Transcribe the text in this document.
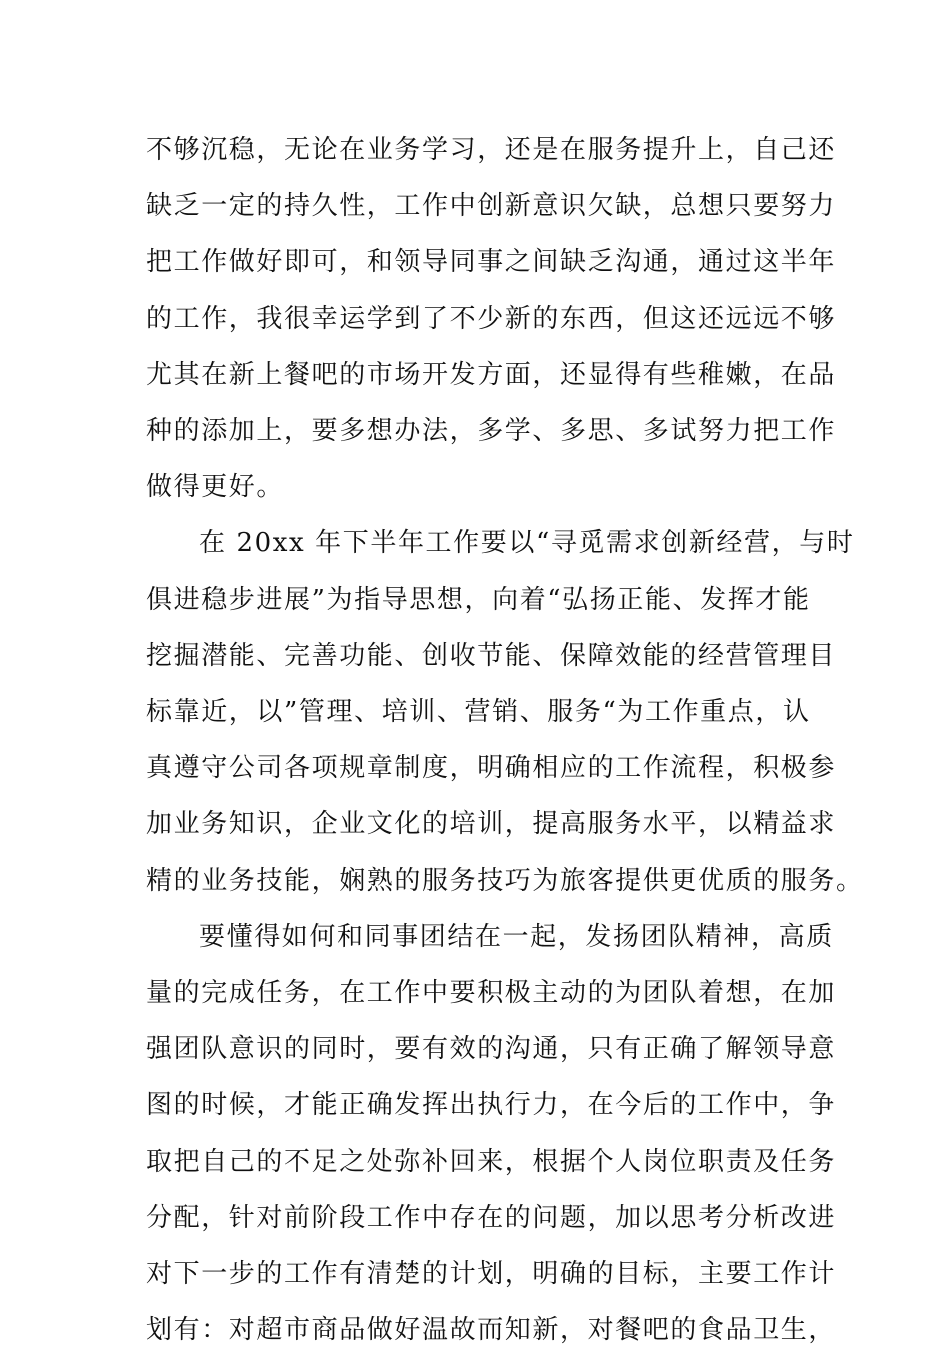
不够沉稳，无论在业务学习，还是在服务提升上，自己还
缺乏一定的持久性，工作中创新意识欠缺，总想只要努力
把工作做好即可，和领导同事之间缺乏沟通，通过这半年
的工作，我很幸运学到了不少新的东西，但这还远远不够
尤其在新上餐吧的市场开发方面，还显得有些稚嫩，在品
种的添加上，要多想办法，多学、多思、多试努力把工作
做得更好。
在 20xx 年下半年工作要以“寻觅需求创新经营，与时
俱进稳步进展”为指导思想，向着“弘扬正能、发挥才能
挖掘潜能、完善功能、创收节能、保障效能的经营管理目
标靠近，以”管理、培训、营销、服务“为工作重点，认
真遵守公司各项规章制度，明确相应的工作流程，积极参
加业务知识，企业文化的培训，提高服务水平，以精益求
精的业务技能，娴熟的服务技巧为旅客提供更优质的服务。
要懂得如何和同事团结在一起，发扬团队精神，高质
量的完成任务，在工作中要积极主动的为团队着想，在加
强团队意识的同时，要有效的沟通，只有正确了解领导意
图的时候，才能正确发挥出执行力，在今后的工作中，争
取把自己的不足之处弥补回来，根据个人岗位职责及任务
分配，针对前阶段工作中存在的问题，加以思考分析改进
对下一步的工作有清楚的计划，明确的目标，主要工作计
划有：对超市商品做好温故而知新，对餐吧的食品卫生，
